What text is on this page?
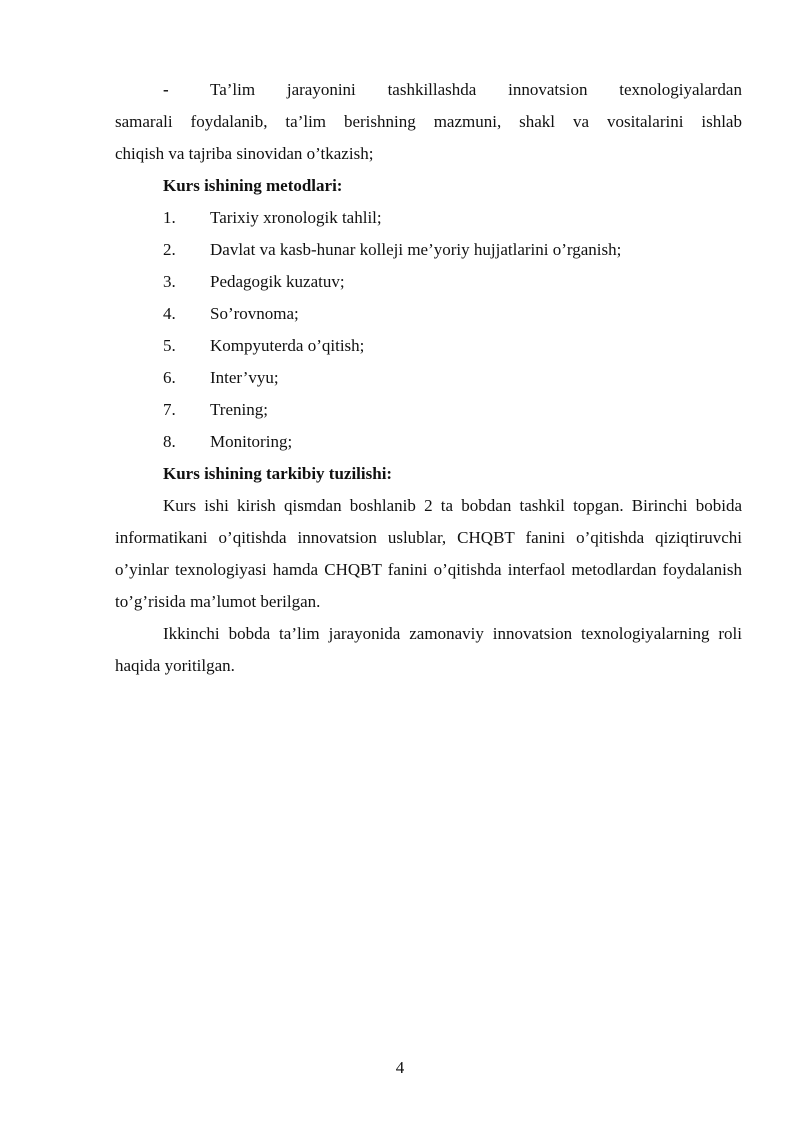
-	Ta’lim jarayonini tashkillashda innovatsion texnologiyalardan
samarali foydalanib, ta’lim berishning mazmuni, shakl va vositalarini ishlab
chiqish va tajriba sinovidan o’tkazish;
Kurs ishining metodlari:
1.	Tarixiy xronologik tahlil;
2.	Davlat va kasb-hunar kolleji me’yoriy hujjatlarini o’rganish;
3.	Pedagogik kuzatuv;
4.	So’rovnoma;
5.	Kompyuterda o’qitish;
6.	Inter’vyu;
7.	Trening;
8.	Monitoring;
Kurs ishining tarkibiy tuzilishi:

Kurs ishi kirish qismdan boshlanib 2 ta bobdan tashkil topgan. Birinchi bobida informatikani o’qitishda innovatsion uslublar, CHQBT fanini o’qitishda qiziqtiruvchi o’yinlar texnologiyasi hamda CHQBT fanini o’qitishda interfaol metodlardan foydalanish to’g’risida ma’lumot berilgan.

Ikkinchi bobda ta’lim jarayonida zamonaviy innovatsion texnologiyalarning roli haqida yoritilgan.

4
